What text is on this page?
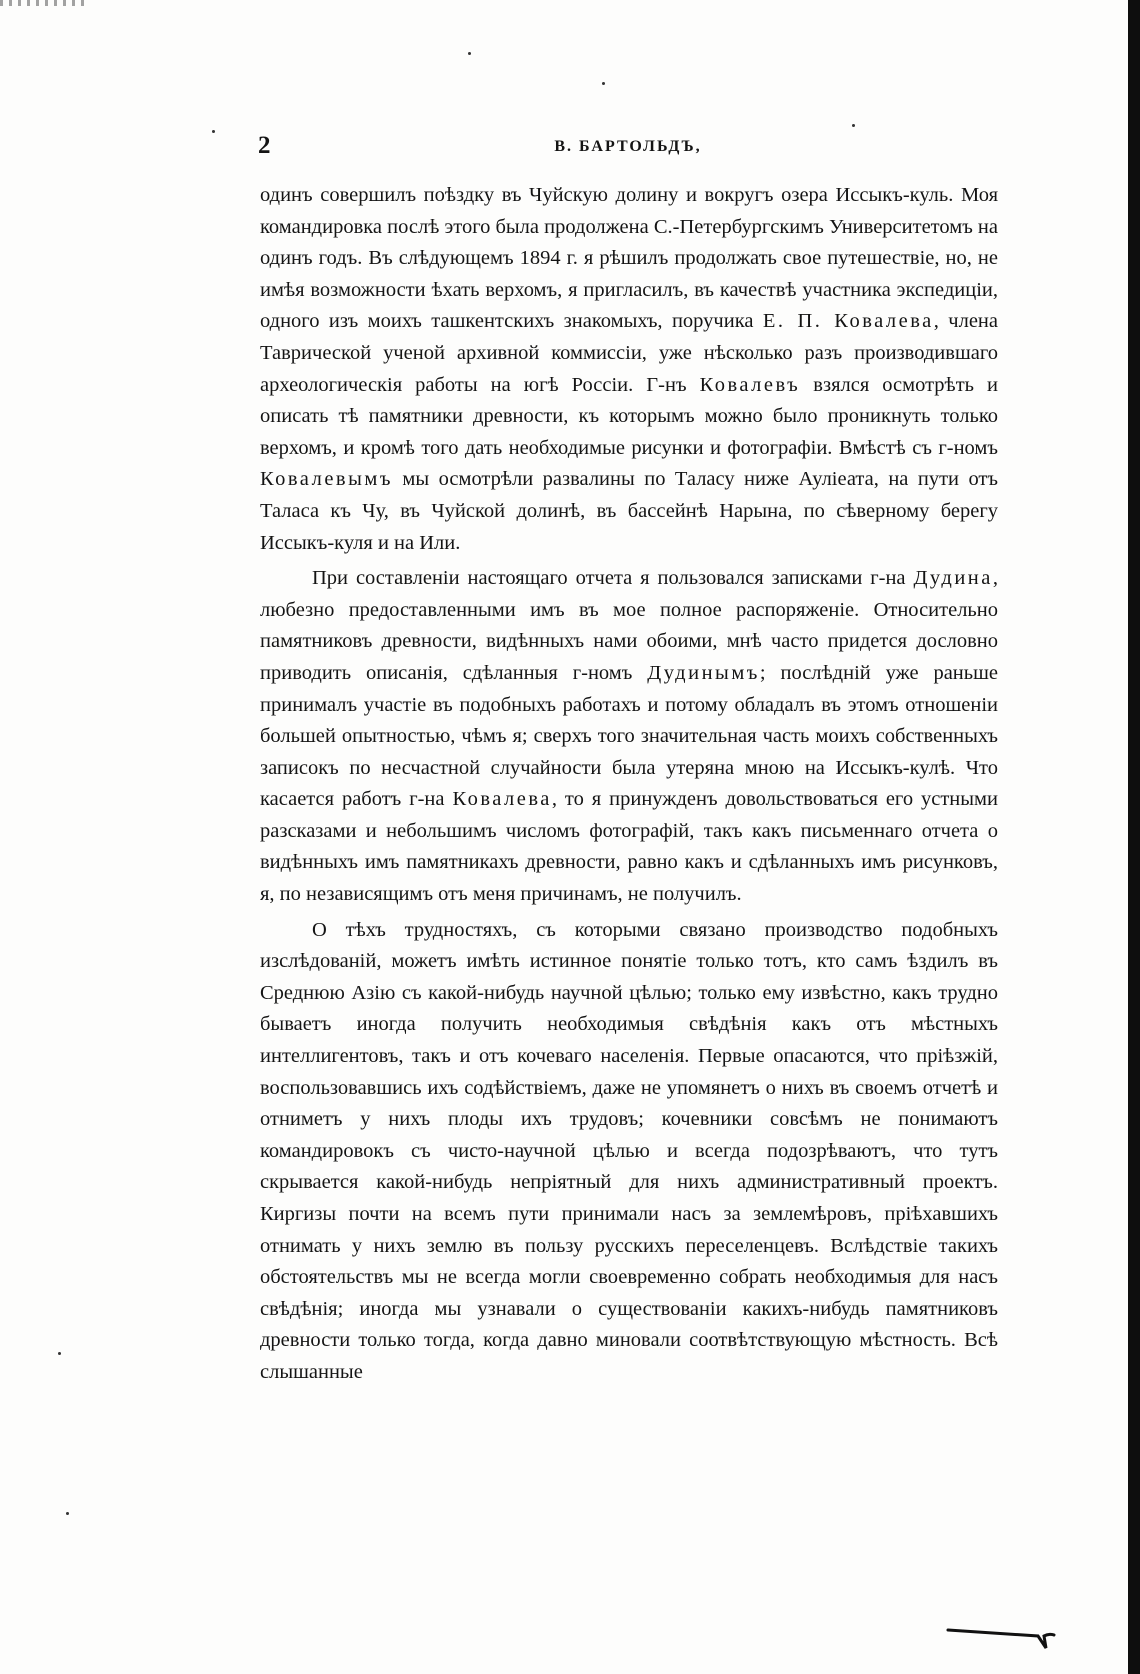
2	В. БАРТОЛЬДЪ,

одинъ совершилъ поѣздку въ Чуйскую долину и вокругъ озера Иссыкъ-куль. Моя командировка послѣ этого была продолжена С.-Петербургскимъ Университетомъ на одинъ годъ. Въ слѣдующемъ 1894 г. я рѣшилъ продолжать свое путешествіе, но, не имѣя возможности ѣхать верхомъ, я пригласилъ, въ качествѣ участника экспедиціи, одного изъ моихъ ташкентскихъ знакомыхъ, поручика Е. П. Ковалева, члена Таврической ученой архивной коммиссіи, уже нѣсколько разъ производившаго археологическія работы на югѣ Россіи. Г-нъ Ковалевъ взялся осмотрѣть и описать тѣ памятники древности, къ которымъ можно было проникнуть только верхомъ, и кромѣ того дать необходимые рисунки и фотографіи. Вмѣстѣ съ г-номъ Ковалевымъ мы осмотрѣли развалины по Таласу ниже Ауліеата, на пути отъ Таласа къ Чу, въ Чуйской долинѣ, въ бассейнѣ Нарына, по сѣверному берегу Иссыкъ-куля и на Или.

При составленіи настоящаго отчета я пользовался записками г-на Дудина, любезно предоставленными имъ въ мое полное распоряженіе. Относительно памятниковъ древности, видѣнныхъ нами обоими, мнѣ часто придется дословно приводить описанія, сдѣланныя г-номъ Дудинымъ; послѣдній уже раньше принималъ участіе въ подобныхъ работахъ и потому обладалъ въ этомъ отношеніи большей опытностью, чѣмъ я; сверхъ того значительная часть моихъ собственныхъ записокъ по несчастной случайности была утеряна мною на Иссыкъ-кулѣ. Что касается работъ г-на Ковалева, то я принужденъ довольствоваться его устными разсказами и небольшимъ числомъ фотографій, такъ какъ письменнаго отчета о видѣнныхъ имъ памятникахъ древности, равно какъ и сдѣланныхъ имъ рисунковъ, я, по независящимъ отъ меня причинамъ, не получилъ.

О тѣхъ трудностяхъ, съ которыми связано производство подобныхъ изслѣдованій, можетъ имѣть истинное понятіе только тотъ, кто самъ ѣздилъ въ Среднюю Азію съ какой-нибудь научной цѣлью; только ему извѣстно, какъ трудно бываетъ иногда получить необходимыя свѣдѣнія какъ отъ мѣстныхъ интеллигентовъ, такъ и отъ кочеваго населенія. Первые опасаются, что пріѣзжій, воспользовавшись ихъ содѣйствіемъ, даже не упомянетъ о нихъ въ своемъ отчетѣ и отниметъ у нихъ плоды ихъ трудовъ; кочевники совсѣмъ не понимаютъ командировокъ съ чисто-научной цѣлью и всегда подозрѣваютъ, что тутъ скрывается какой-нибудь непріятный для нихъ административный проектъ. Киргизы почти на всемъ пути принимали насъ за землемѣровъ, пріѣхавшихъ отнимать у нихъ землю въ пользу русскихъ переселенцевъ. Вслѣдствіе такихъ обстоятельствъ мы не всегда могли своевременно собрать необходимыя для насъ свѣдѣнія; иногда мы узнавали о существованіи какихъ-нибудь памятниковъ древности только тогда, когда давно миновали соотвѣтствующую мѣстность. Всѣ слышанные
